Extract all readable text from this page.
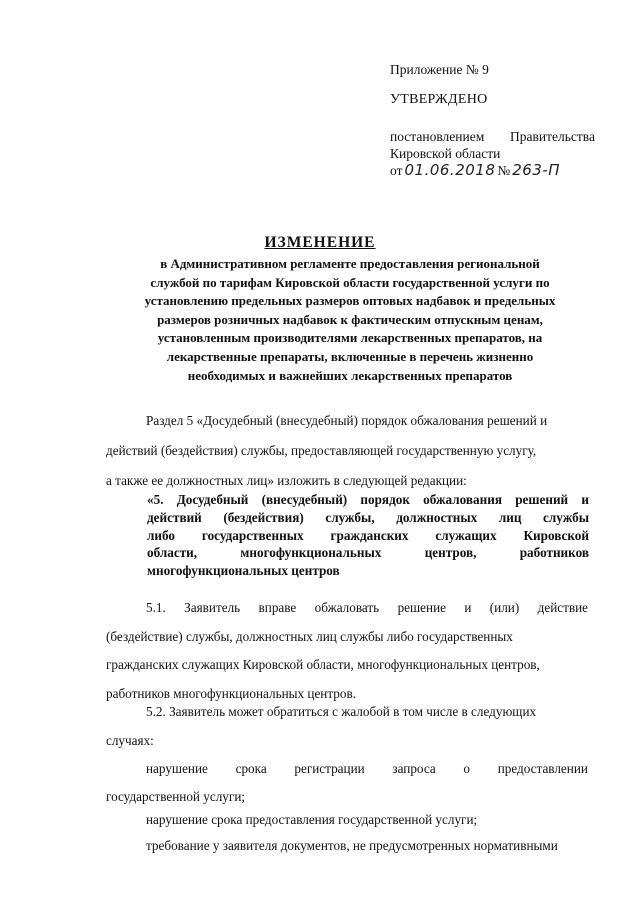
Приложение № 9
УТВЕРЖДЕНО
постановлением Правительства
Кировской области
от 01.06.2018 № 263-П
ИЗМЕНЕНИЕ
в Административном регламенте предоставления региональной
службой по тарифам Кировской области государственной услуги по
установлению предельных размеров оптовых надбавок и предельных
размеров розничных надбавок к фактическим отпускным ценам,
установленным производителями лекарственных препаратов, на
лекарственные препараты, включенные в перечень жизненно
необходимых и важнейших лекарственных препаратов
Раздел 5 «Досудебный (внесудебный) порядок обжалования решений и
действий (бездействия) службы, предоставляющей государственную услугу,
а также ее должностных лиц» изложить в следующей редакции:
«5. Досудебный (внесудебный) порядок обжалования решений и
действий (бездействия) службы, должностных лиц службы
либо государственных гражданских служащих Кировской
области,	многофункциональных	центров,	работников
многофункциональных центров
5.1. Заявитель вправе обжаловать решение и (или) действие
(бездействие) службы, должностных лиц службы либо государственных
гражданских служащих Кировской области, многофункциональных центров,
работников многофункциональных центров.
5.2. Заявитель может обратиться с жалобой в том числе в следующих
случаях:
нарушение срока регистрации запроса о предоставлении
государственной услуги;
нарушение срока предоставления государственной услуги;
требование у заявителя документов, не предусмотренных нормативными
